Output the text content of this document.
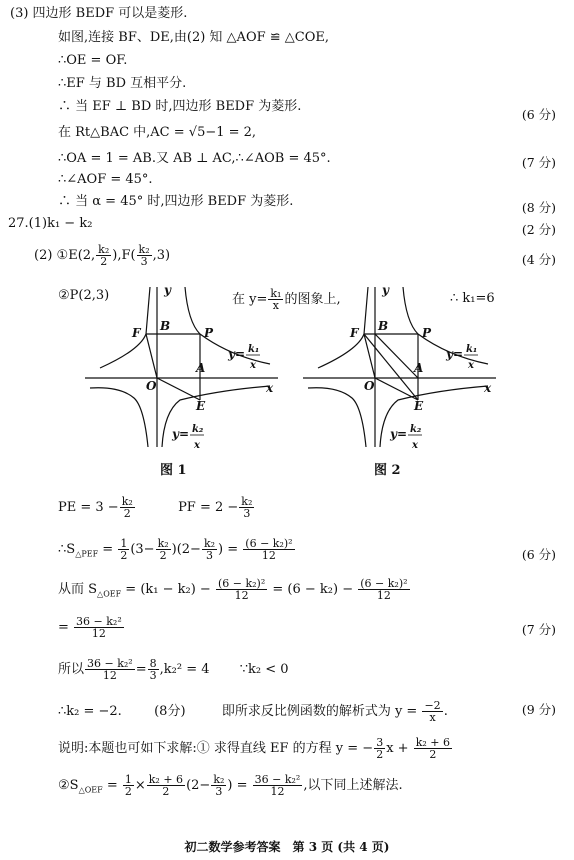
(3) 四边形 BEDF 可以是菱形.
如图,连接 BF、DE,由(2) 知 △AOF ≌ △COE,
∴OE = OF.
∴EF 与 BD 互相平分.
∴ 当 EF ⊥ BD 时,四边形 BEDF 为菱形.
(6 分)
在 Rt△BAC 中,AC = √5−1 = 2,
∴OA = 1 = AB.又 AB ⊥ AC,∴∠AOB = 45°.	(7 分)
∴∠AOF = 45°.
∴ 当 α = 45° 时,四边形 BEDF 为菱形.	(8 分)
27.(1)k₁ − k₂	(2 分)
(2) ①E(2, $\frac{\text{k₂}}{2} ),F( \frac{\text{k₂}}{3} ,3)$	(4 分)
②P(2,3)	在 $y= \frac{\text{k₁}}{x}$ 的图象上,	∴ k₁=6
y
x
O
F B	P
A
E
y= k₁
x
y= k₂
x
图 1
y
x
O
F B	P
A
E
y= k₁
x
y= k₂
x
图 2
PE = $3 - \frac{\text{k₂}}{2}$	PF = $2 - \frac{\text{k₂}}{3}$
$\therefore S_{\triangle PEF} = \frac{1}{2} (3- \frac{\text{k₂}}{2} )(2- \frac{\text{k₂}}{3}$ ) = $\frac{\text{(6 − k₂)²}}{12}$	(6 分)
从而 $S_{\triangle OEF} = (k_1 - k_2) - \frac{\text{(6 − k₂)²}}{12} = (6 - k_2) - \frac{\text{(6 − k₂)²}}{12}$
= $\frac{\text{36 − k₂²}}{12}$	(7 分)
所以 $\frac{\text{36 − k₂²}}{12} = \frac{8}{3} ,k_2^2 = 4$ ∵k₂ < 0
∴k₂ = −2. (8分)	即所求反比例函数的解析式为 $y = \frac{-2}{x}$ .	(9 分)
说明:本题也可如下求解:① 求得直线 EF 的方程 y = − $\frac{3}{2}$ $x + \frac{\text{k₂ + 6}}{2}$
$②S_{\triangle OEF} = \frac{1}{2} \times \frac{\text{k₂ + 6}}{2} (2- \frac{\text{k₂}}{3}$ ) = $\frac{\text{36 − k₂²}}{12}$ ,以下同上述解法.
初二数学参考答案　第 3 页 (共 4 页)
